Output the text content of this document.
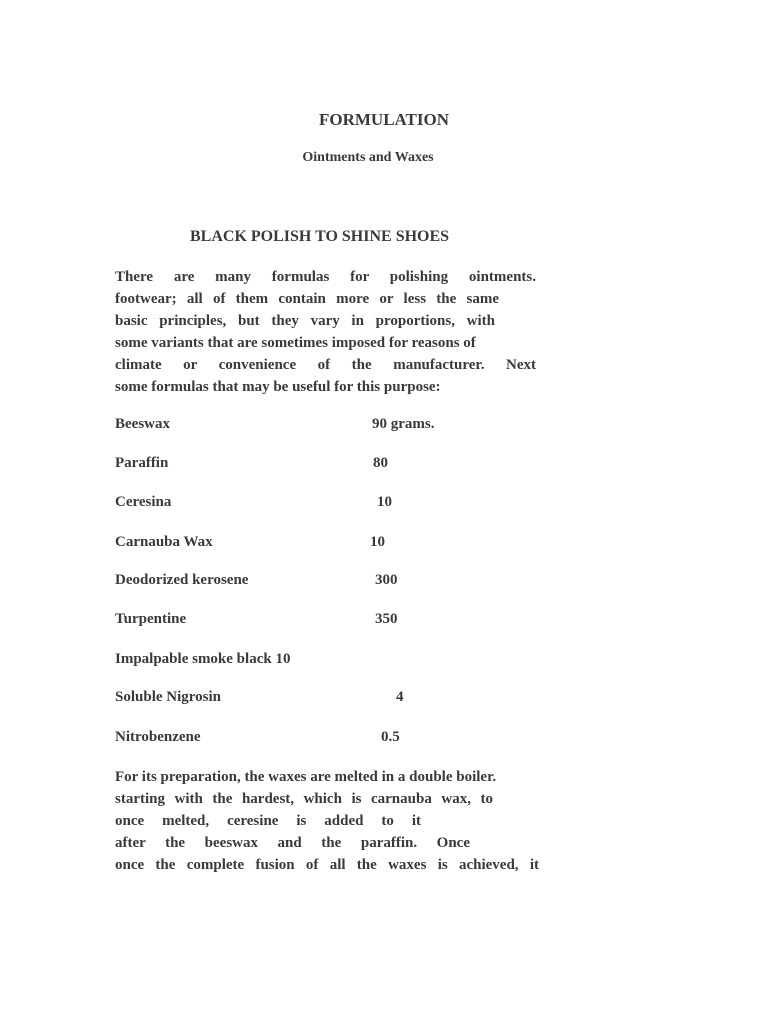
FORMULATION
Ointments and Waxes
BLACK POLISH TO SHINE SHOES
There are many formulas for polishing ointments.
footwear; all of them contain more or less the same
basic principles, but they vary in proportions, with
some variants that are sometimes imposed for reasons of
climate or convenience of the manufacturer. Next
some formulas that may be useful for this purpose:
Beeswax	90 grams.
Paraffin	80
Ceresina	10
Carnauba Wax	10
Deodorized kerosene	300
Turpentine	350
Impalpable smoke black 10
Soluble Nigrosin	4
Nitrobenzene	0.5
For its preparation, the waxes are melted in a double boiler.
starting with the hardest, which is carnauba wax, to
once melted, ceresine is added to it
after the beeswax and the paraffin. Once
once the complete fusion of all the waxes is achieved, it
